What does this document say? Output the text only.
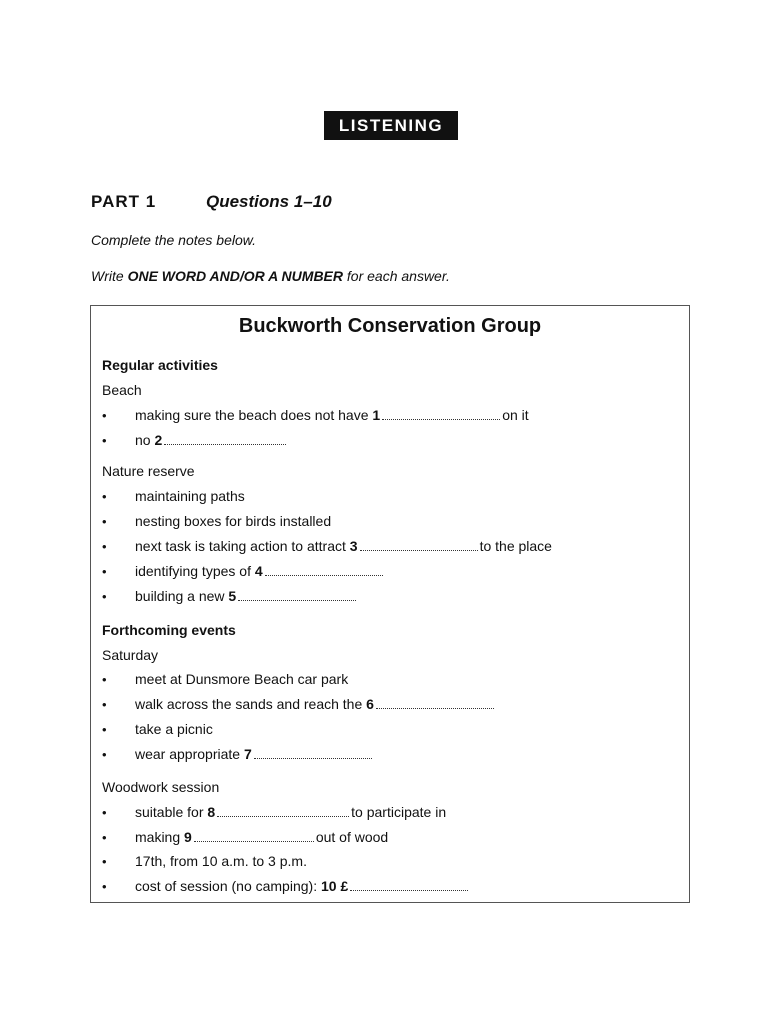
LISTENING
PART 1	Questions 1–10
Complete the notes below.
Write ONE WORD AND/OR A NUMBER for each answer.
Buckworth Conservation Group
Regular activities
Beach
Nature reserve
Forthcoming events
Saturday
Woodwork session
• making sure the beach does not have 1	on it
• no 2
• maintaining paths
• nesting boxes for birds installed
• next task is taking action to attract 3	to the place
• identifying types of 4
• building a new 5
• meet at Dunsmore Beach car park
• walk across the sands and reach the 6
• take a picnic
• wear appropriate 7
• suitable for 8	to participate in
• making 9	out of wood
• 17th, from 10 a.m. to 3 p.m.
• cost of session (no camping): 10 £
